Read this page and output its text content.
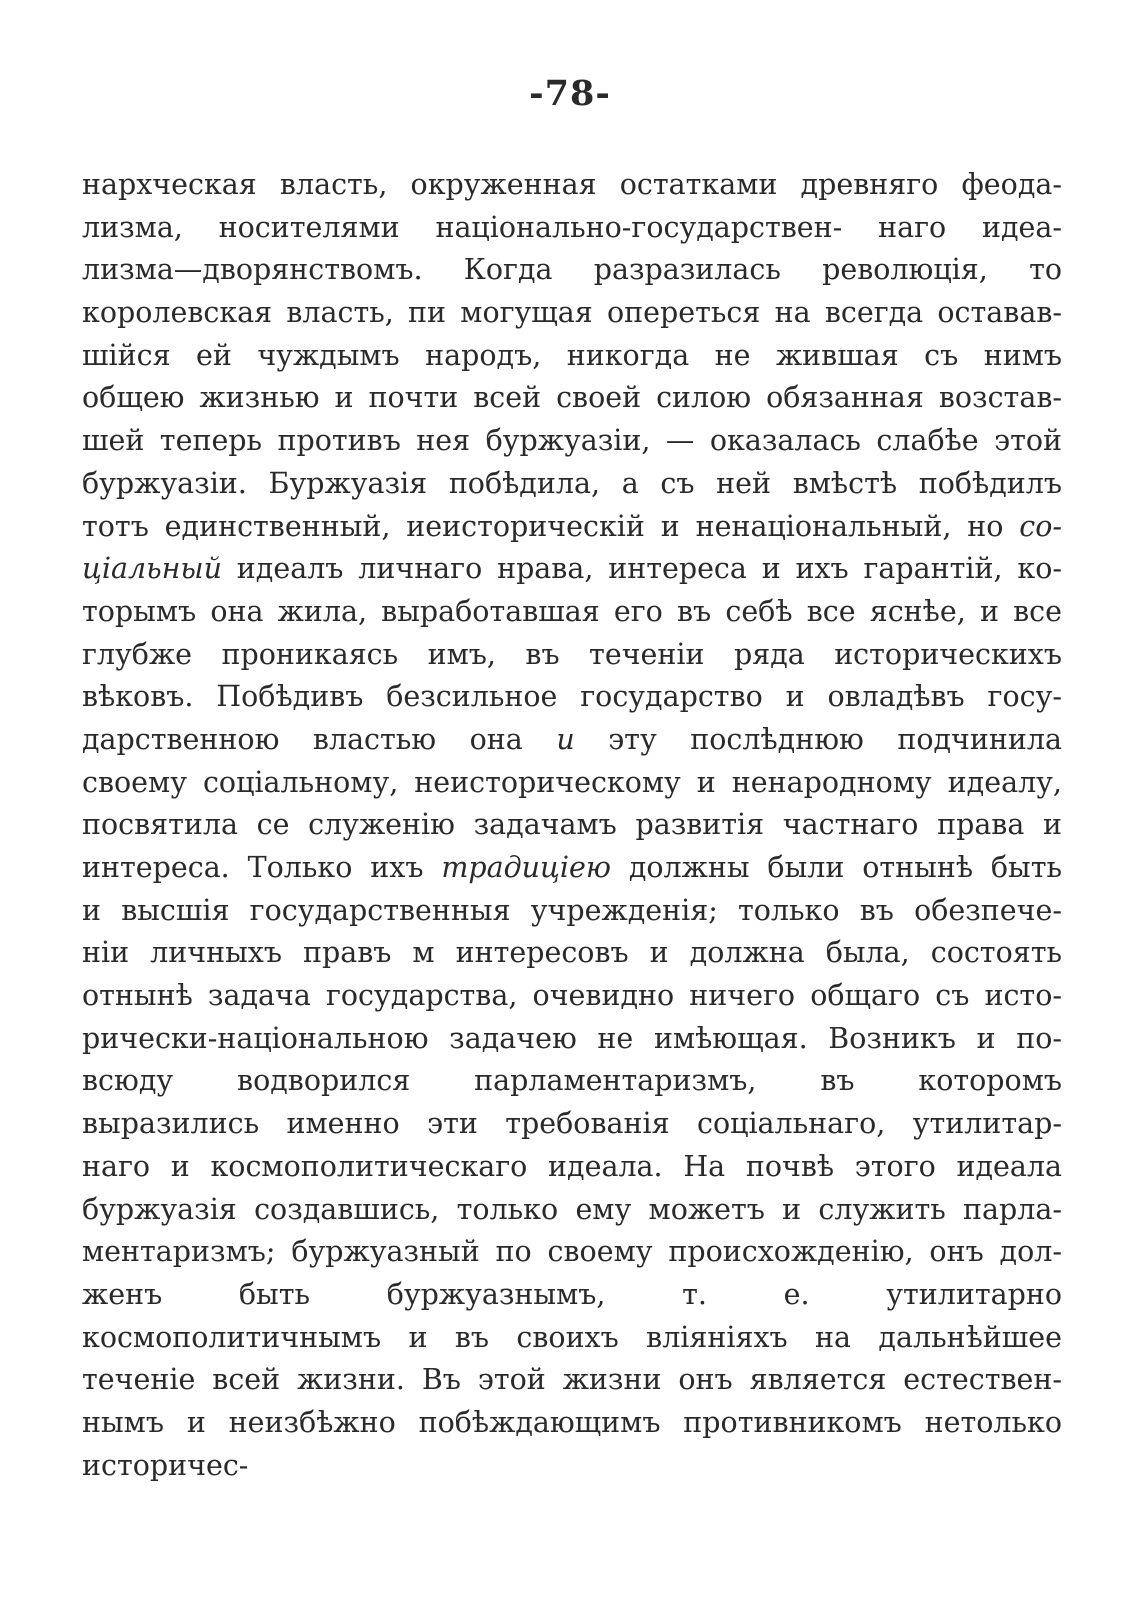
-78-
нархческая власть, окруженная остатками древняго феода-
лизма, носителями національно-государствен- наго идеа-
лизма—дворянствомъ. Когда разразилась революція, то
королевская власть, пи могущая опереться на всегда оставав-
шійся ей чуждымъ народъ, никогда не жившая съ нимъ
общею жизнью и почти всей своей силою обязанная возстав-
шей теперь противъ нея буржуазіи, — оказалась слабѣе этой
буржуазіи. Буржуазія побѣдила, а съ ней вмѣстѣ побѣдилъ
тотъ единственный, иеисторическій и ненаціональный, но со-
ціальный идеалъ личнаго нрава, интереса и ихъ гарантій, ко-
торымъ она жила, выработавшая его въ себѣ все яснѣе, и все
глубже проникаясь имъ, въ теченіи ряда историческихъ
вѣковъ. Побѣдивъ безсильное государство и овладѣвъ госу-
дарственною властью она и эту послѣднюю подчинила
своему соціальному, неисторическому и ненародному идеалу,
посвятила се служенію задачамъ развитія частнаго права и
интереса. Только ихъ традиціею должны были отнынѣ быть
и высшія государственныя учрежденія; только въ обезпече-
ніи личныхъ правъ м интересовъ и должна была, состоять
отнынѣ задача государства, очевидно ничего общаго съ исто-
рически-національною задачею не имѣющая. Возникъ и по-
всюду водворился парламентаризмъ, въ которомъ
выразились именно эти требованія соціальнаго, утилитар-
наго и космополитическаго идеала. На почвѣ этого идеала
буржуазія создавшись, только ему можетъ и служить парла-
ментаризмъ; буржуазный по своему происхожденію, онъ дол-
женъ быть буржуазнымъ, т. е. утилитарно
космополитичнымъ и въ своихъ вліяніяхъ на дальнѣйшее
теченіе всей жизни. Въ этой жизни онъ является естествен-
нымъ и неизбѣжно побѣждающимъ противникомъ нетолько
историчес-
